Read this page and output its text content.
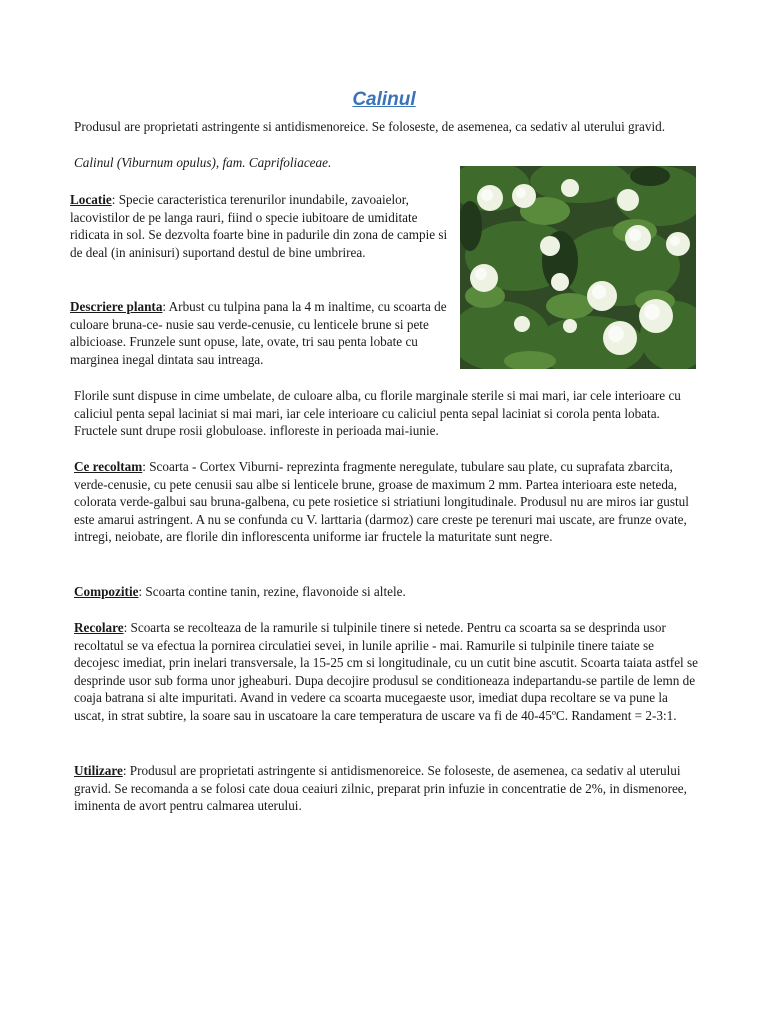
Calinul

Produsul are proprietati astringente si antidismenoreice. Se foloseste, de asemenea, ca sedativ al uterului gravid.

Calinul (Viburnum opulus), fam. Caprifoliaceae.

Locatie: Specie caracteristica terenurilor inundabile, zavoaielor, lacovistilor de pe langa rauri, fiind o specie iubitoare de umiditate ridicata in sol. Se dezvolta foarte bine in padurile din zona de campie si de deal (in aninisuri) suportand destul de bine umbrirea.

Descriere planta: Arbust cu tulpina pana la 4 m inaltime, cu scoarta de culoare bruna-ce- nusie sau verde-cenusie, cu lenticele brune si pete albicioase. Frunzele sunt opuse, late, ovate, tri sau penta lobate cu marginea inegal dintata sau intreaga.

Florile sunt dispuse in cime umbelate, de culoare alba, cu florile marginale sterile si mai mari, iar cele interioare cu caliciul penta sepal laciniat si mai mari, iar cele interioare cu caliciul penta sepal laciniat si corola penta lobata. Fructele sunt drupe rosii globuloase. infloreste in perioada mai-iunie.

Ce recoltam: Scoarta - Cortex Viburni- reprezinta fragmente neregulate, tubulare sau plate, cu suprafata zbarcita, verde-cenusie, cu pete cenusii sau albe si lenticele brune, groase de maximum 2 mm. Partea interioara este neteda, colorata verde-galbui sau bruna-galbena, cu pete rosietice si striatiuni longitudinale. Produsul nu are miros iar gustul este amarui astringent. A nu se confunda cu V. larttaria (darmoz) care creste pe terenuri mai uscate, are frunze ovate, intregi, neiobate, are florile din inflorescenta uniforme iar fructele la maturitate sunt negre.

Compozitie: Scoarta contine tanin, rezine, flavonoide si altele.

Recolare: Scoarta se recolteaza de la ramurile si tulpinile tinere si netede. Pentru ca scoarta sa se desprinda usor recoltatul se va efectua la pornirea circulatiei sevei, in lunile aprilie - mai. Ramurile si tulpinile tinere taiate se decojesc imediat, prin inelari transversale, la 15-25 cm si longitudinale, cu un cutit bine ascutit. Scoarta taiata astfel se desprinde usor sub forma unor jgheaburi. Dupa decojire produsul se conditioneaza indepartandu-se partile de lemn de coaja batrana si alte impuritati. Avand in vedere ca scoarta mucegaeste usor, imediat dupa recoltare se va pune la uscat, in strat subtire, la soare sau in uscatoare la care temperatura de uscare va fi de 40-45ºC. Randament = 2-3:1.

Utilizare: Produsul are proprietati astringente si antidismenoreice. Se foloseste, de asemenea, ca sedativ al uterului gravid. Se recomanda a se folosi cate doua ceaiuri zilnic, preparat prin infuzie in concentratie de 2%, in dismenoree, iminenta de avort pentru calmarea uterului.
